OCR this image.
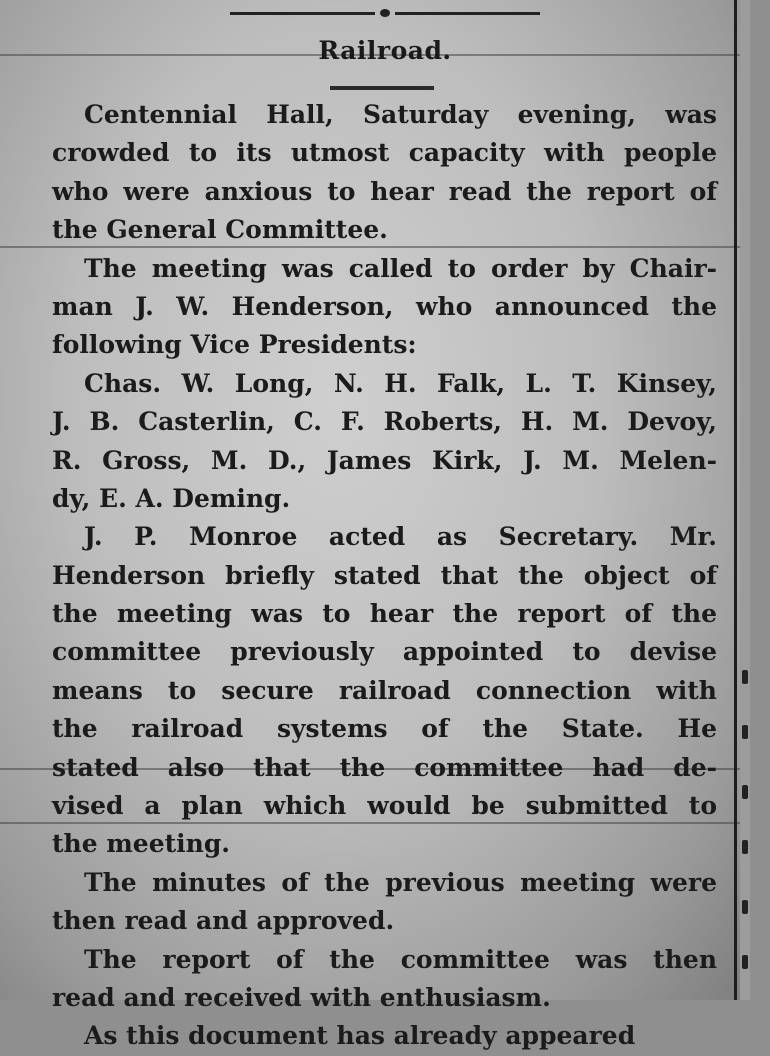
Railroad.
Centennial Hall, Saturday evening, was
crowded to its utmost capacity with people
who were anxious to hear read the report of
the General Committee.
The meeting was called to order by Chair-
man J. W. Henderson, who announced the
following Vice Presidents:
Chas. W. Long, N. H. Falk, L. T. Kinsey,
J. B. Casterlin, C. F. Roberts, H. M. Devoy,
R. Gross, M. D., James Kirk, J. M. Melen-
dy, E. A. Deming.
J. P. Monroe acted as Secretary. Mr.
Henderson briefly stated that the object of
the meeting was to hear the report of the
committee previously appointed to devise
means to secure railroad connection with
the railroad systems of the State. He
stated also that the committee had de-
vised a plan which would be submitted to
the meeting.
The minutes of the previous meeting were
then read and approved.
The report of the committee was then
read and received with enthusiasm.
As this document has already appeared
